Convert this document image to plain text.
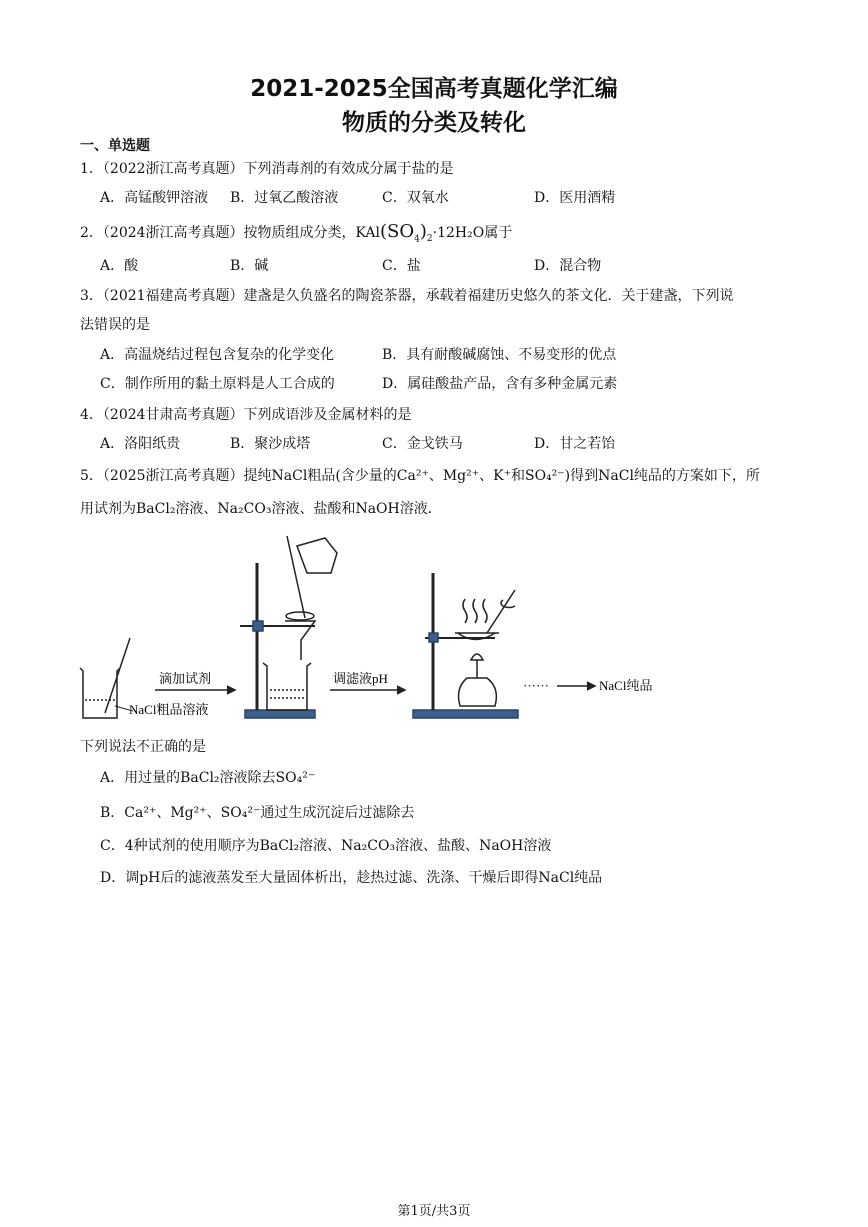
2021-2025全国高考真题化学汇编
物质的分类及转化
一、单选题
1．（2022浙江高考真题）下列消毒剂的有效成分属于盐的是
A．高锰酸钾溶液 B．过氧乙酸溶液	C．双氧水	D．医用酒精
2．（2024浙江高考真题）按物质组成分类，$KAl(SO_4)_2\cdot 12H_2O$属于
A．酸	B．碱	C．盐	D．混合物
3．（2021福建高考真题）建盏是久负盛名的陶瓷茶器，承载着福建历史悠久的茶文化．关于建盏，下列说
法错误的是
A．高温烧结过程包含复杂的化学变化	B．具有耐酸碱腐蚀、不易变形的优点
C．制作所用的黏土原料是人工合成的	D．属硅酸盐产品，含有多种金属元素
4．（2024甘肃高考真题）下列成语涉及金属材料的是
A．洛阳纸贵	B．聚沙成塔	C．金戈铁马	D．甘之若饴
5．（2025浙江高考真题）提纯NaCl粗品(含少量的Ca²⁺、Mg²⁺、K⁺和SO₄²⁻)得到NaCl纯品的方案如下，所
用试剂为BaCl₂溶液、Na₂CO₃溶液、盐酸和NaOH溶液．
NaCl粗品溶液
滴加试剂	调滤液pH	······	NaCl纯品
下列说法不正确的是
A．用过量的BaCl₂溶液除去SO₄²⁻
B．Ca²⁺、Mg²⁺、SO₄²⁻通过生成沉淀后过滤除去
C．4种试剂的使用顺序为BaCl₂溶液、Na₂CO₃溶液、盐酸、NaOH溶液
D．调pH后的滤液蒸发至大量固体析出，趁热过滤、洗涤、干燥后即得NaCl纯品
第1页/共3页
